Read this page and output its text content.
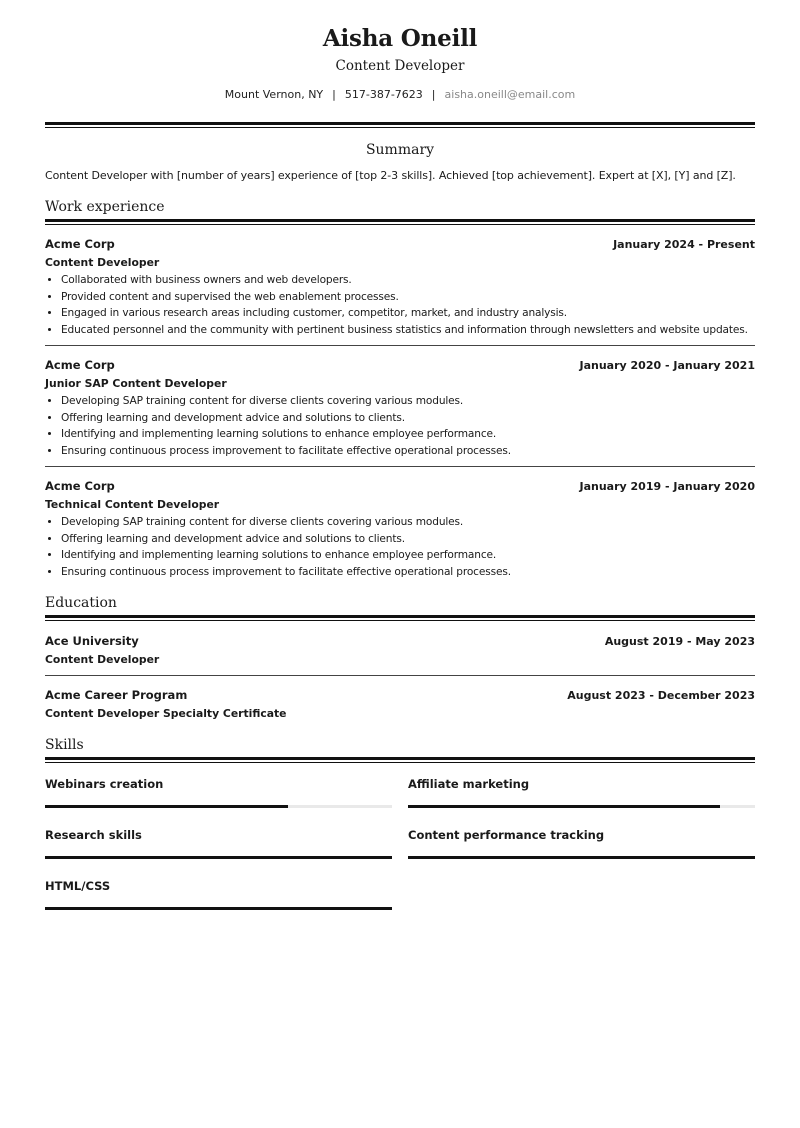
Aisha Oneill
Content Developer
Mount Vernon, NY | 517-387-7623 | aisha.oneill@email.com
Summary

Content Developer with [number of years] experience of [top 2-3 skills]. Achieved [top achievement]. Expert at [X], [Y] and [Z].

Work experience
Acme Corp	January 2024 - Present
Content Developer
• Collaborated with business owners and web developers.
• Provided content and supervised the web enablement processes.
• Engaged in various research areas including customer, competitor, market, and industry analysis.
• Educated personnel and the community with pertinent business statistics and information through newsletters and website updates.
Acme Corp	January 2020 - January 2021
Junior SAP Content Developer
• Developing SAP training content for diverse clients covering various modules.
• Offering learning and development advice and solutions to clients.
• Identifying and implementing learning solutions to enhance employee performance.
• Ensuring continuous process improvement to facilitate effective operational processes.
Acme Corp	January 2019 - January 2020
Technical Content Developer
• Developing SAP training content for diverse clients covering various modules.
• Offering learning and development advice and solutions to clients.
• Identifying and implementing learning solutions to enhance employee performance.
• Ensuring continuous process improvement to facilitate effective operational processes.
Education
Ace University	August 2019 - May 2023
Content Developer
Acme Career Program	August 2023 - December 2023
Content Developer Specialty Certificate
Skills
Webinars creation	Affiliate marketing
Research skills	Content performance tracking
HTML/CSS
